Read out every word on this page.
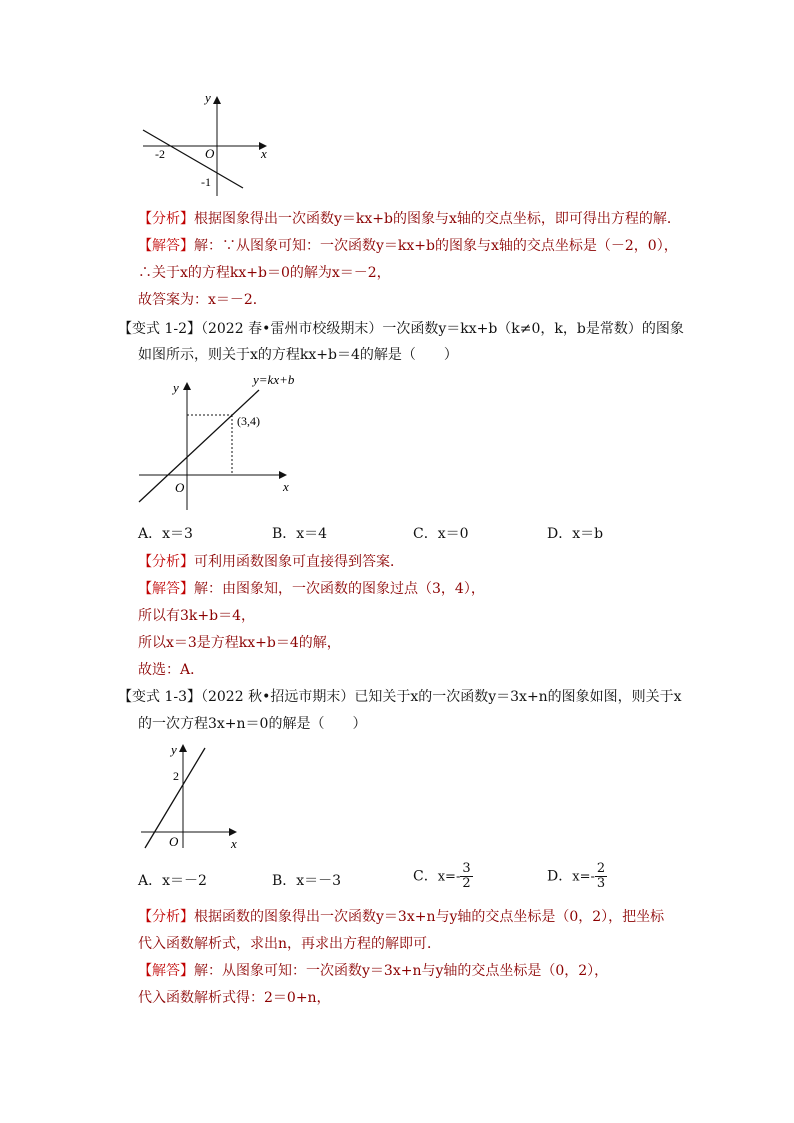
y
x
O
-2
-1
【分析】根据图象得出一次函数y＝kx+b的图象与x轴的交点坐标，即可得出方程的解．
【解答】解：∵从图象可知：一次函数y＝kx+b的图象与x轴的交点坐标是（－2，0），
∴关于x的方程kx+b＝0的解为x＝－2，
故答案为：x＝－2．
【变式 1-2】（2022 春•雷州市校级期末）一次函数y＝kx+b（k≠0，k，b是常数）的图象
如图所示，则关于x的方程kx+b＝4的解是（　　）
y
x
O
y=kx+b
(3,4)
A．x＝3	B．x＝4	C．x＝0	D．x＝b
【分析】可利用函数图象可直接得到答案．
【解答】解：由图象知，一次函数的图象过点（3，4），
所以有3k+b＝4，
所以x＝3是方程kx+b＝4的解，
故选：A．
【变式 1-3】（2022 秋•招远市期末）已知关于x的一次函数y＝3x+n的图象如图，则关于x
的一次方程3x+n＝0的解是（　　）
y
x
O
2
A．x＝－2	B．x＝－3	C．$x=- \frac{3}{2}$	D．$x=- \frac{2}{3}$
【分析】根据函数的图象得出一次函数y＝3x+n与y轴的交点坐标是（0，2），把坐标
代入函数解析式，求出n，再求出方程的解即可．
【解答】解：从图象可知：一次函数y＝3x+n与y轴的交点坐标是（0，2），
代入函数解析式得：2＝0+n，
